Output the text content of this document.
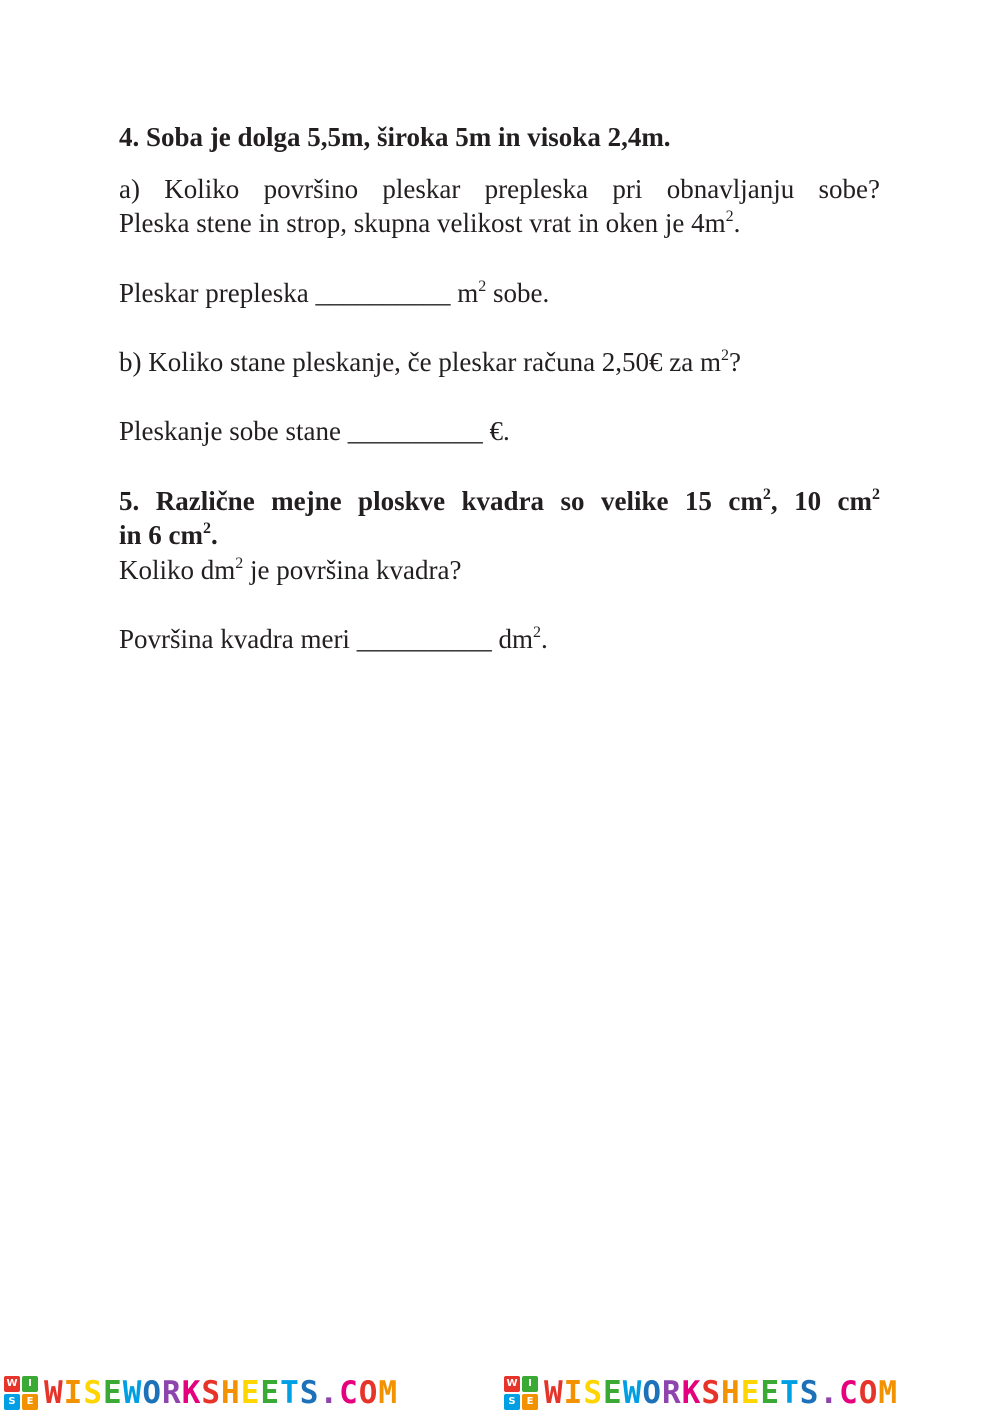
4. Soba je dolga 5,5m, široka 5m in visoka 2,4m.
a) Koliko površino pleskar prepleska pri obnavljanju sobe?
Pleska stene in strop, skupna velikost vrat in oken je $4m^2$.
Pleskar prepleska __________ $m^2$ sobe.
b) Koliko stane pleskanje, če pleskar računa 2,50€ za $m^2$?
Pleskanje sobe stane __________ €.
5. Različne mejne ploskve kvadra so velike 15 $cm^2$, 10 $cm^2$
in 6 $cm^2$.
Koliko $dm^2$ je površina kvadra?
Površina kvadra meri __________ $dm^2$.
W	I
S	E W I S E W O R K S H E E T S . C O M	W	I
S	E W I S E W O R K S H E E T S . C O M
